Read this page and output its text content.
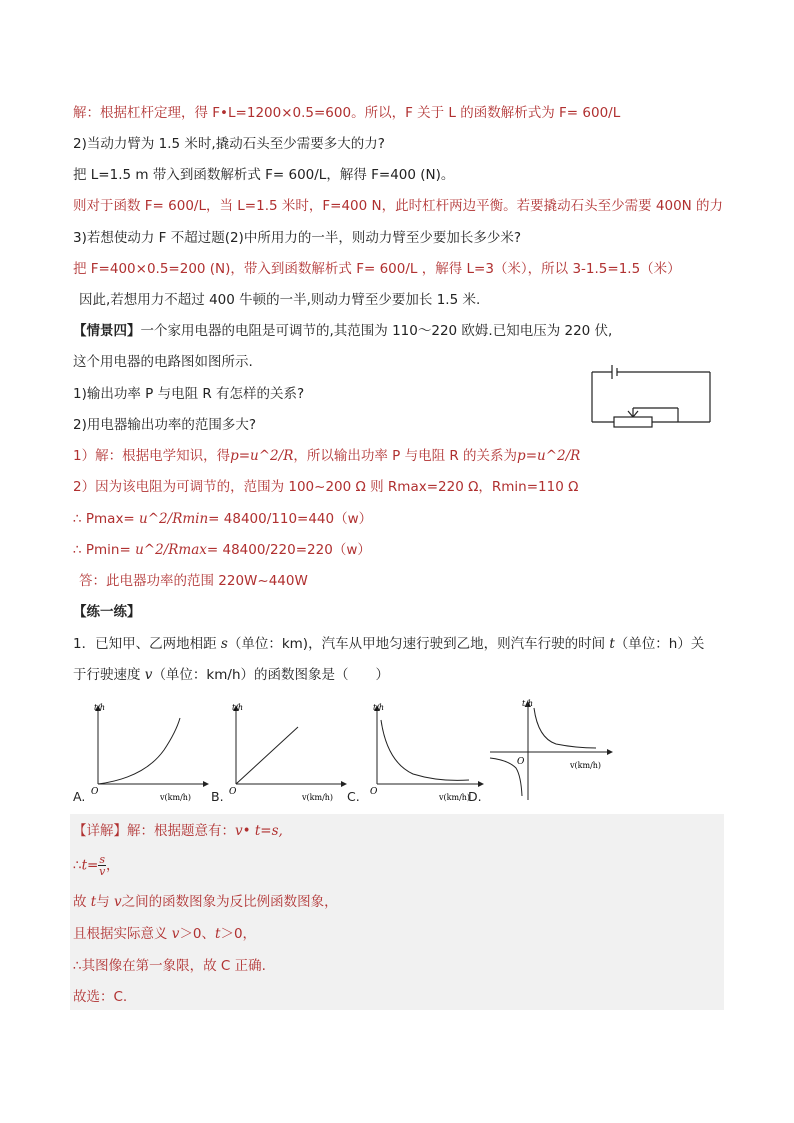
解：根据杠杆定理，得 F•L=1200×0.5=600。所以，F 关于 L 的函数解析式为 F= 600/L
2)当动力臂为 1.5 米时,撬动石头至少需要多大的力?
把 L=1.5 m 带入到函数解析式 F= 600/L，解得 F=400 (N)。
则对于函数 F= 600/L，当 L=1.5 米时，F=400 N，此时杠杆两边平衡。若要撬动石头至少需要 400N 的力
3)若想使动力 F 不超过题(2)中所用力的一半，则动力臂至少要加长多少米?
把 F=400×0.5=200 (N)，带入到函数解析式 F= 600/L ，解得 L=3（米），所以 3-1.5=1.5（米）
因此,若想用力不超过 400 牛顿的一半,则动力臂至少要加长 1.5 米.
【情景四】一个家用电器的电阻是可调节的,其范围为 110～220 欧姆.已知电压为 220 伏,
这个用电器的电路图如图所示.
1)输出功率 P 与电阻 R 有怎样的关系?
2)用电器输出功率的范围多大?
1）解：根据电学知识，得p=u^2/R，所以输出功率 P 与电阻 R 的关系为p=u^2/R
2）因为该电阻为可调节的，范围为 100~200 Ω 则 Rmax=220 Ω，Rmin=110 Ω
∴ Pmax= u^2/Rmin= 48400/110=440（w）
∴ Pmin= u^2/Rmax= 48400/220=220（w）
答：此电器功率的范围 220W~440W
【练一练】
1．已知甲、乙两地相距 s（单位：km)，汽车从甲地匀速行驶到乙地，则汽车行驶的时间 t（单位：h）关
于行驶速度 v（单位：km/h）的函数图象是（　　）
t/h
O
v(km/h)
A.
t/h
O
v(km/h)
B.
t/h
O
v(km/h)
C.
t/h
O	v(km/h)
D.
【详解】解：根据题意有：v• t=s,
∴t= $\frac{s}{v}$ ，
故 t与 v之间的函数图象为反比例函数图象，
且根据实际意义 v＞0、t＞0，
∴其图像在第一象限，故 C 正确.
故选：C.
